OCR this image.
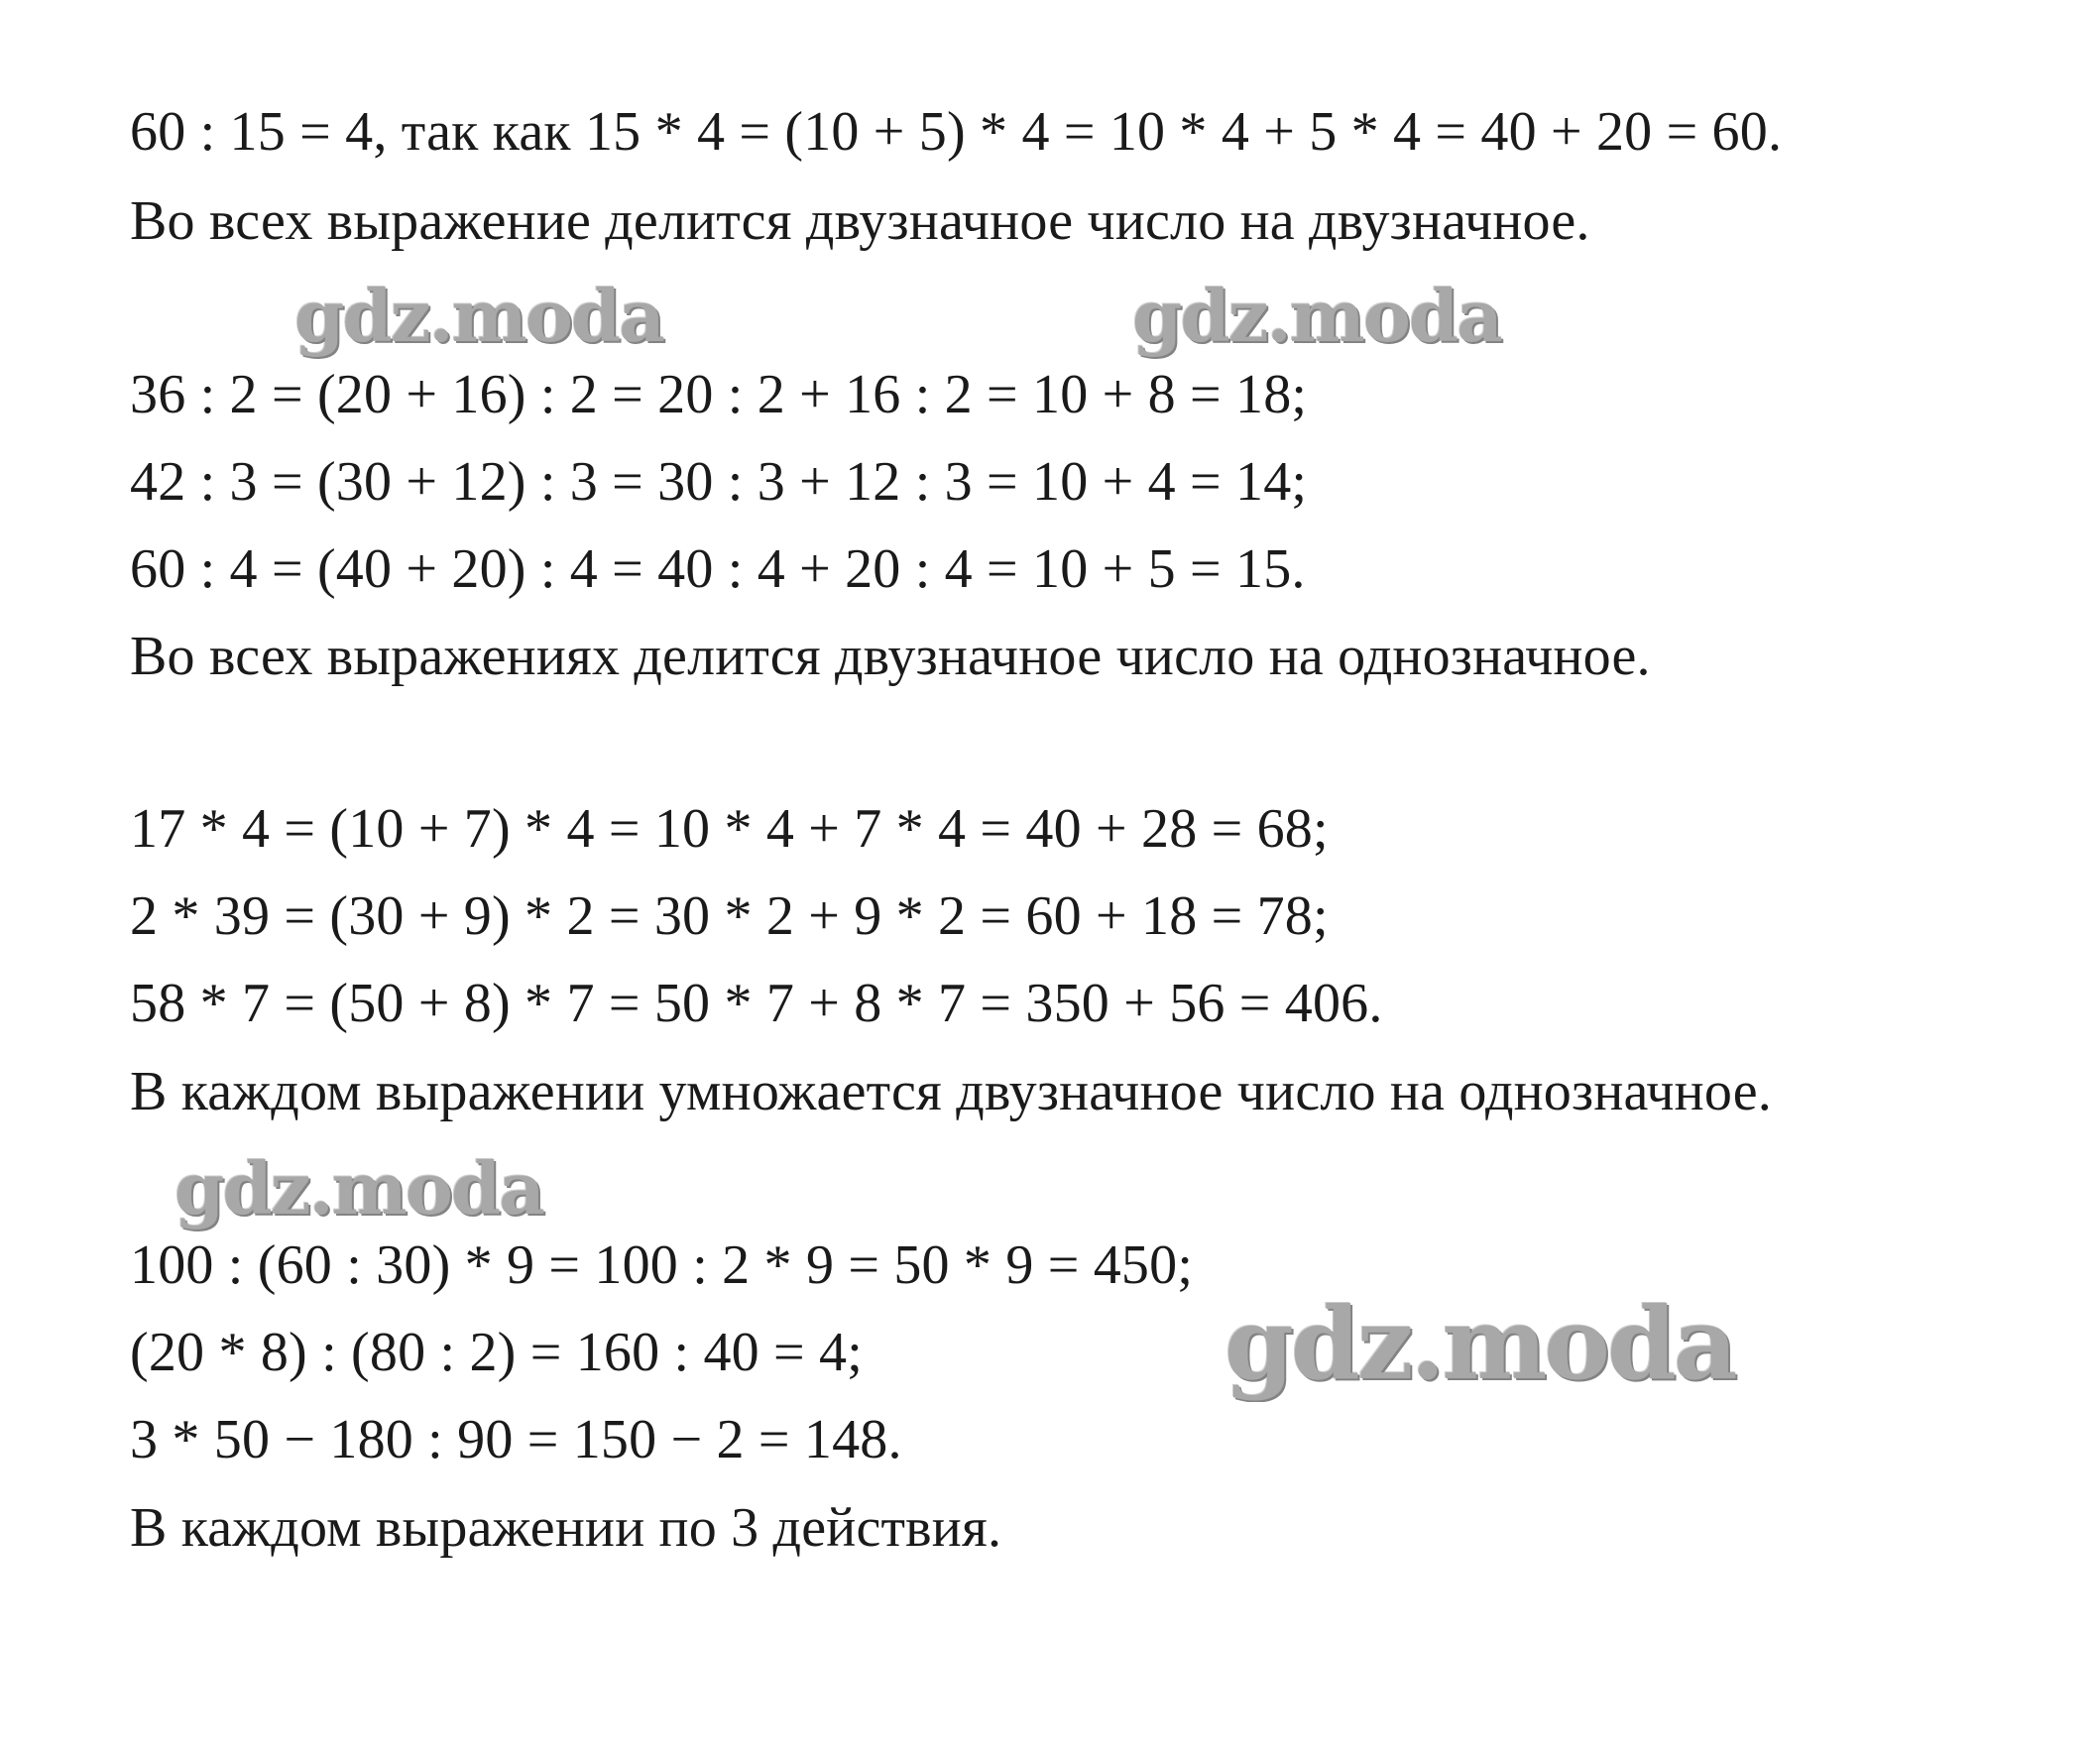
60 : 15 = 4, так как 15 * 4 = (10 + 5) * 4 = 10 * 4 + 5 * 4 = 40 + 20 = 60.
Во всех выражение делится двузначное число на двузначное.
gdz.moda	gdz.moda
36 : 2 = (20 + 16) : 2 = 20 : 2 + 16 : 2 = 10 + 8 = 18;
42 : 3 = (30 + 12) : 3 = 30 : 3 + 12 : 3 = 10 + 4 = 14;
60 : 4 = (40 + 20) : 4 = 40 : 4 + 20 : 4 = 10 + 5 = 15.
Во всех выражениях делится двузначное число на однозначное.
17 * 4 = (10 + 7) * 4 = 10 * 4 + 7 * 4 = 40 + 28 = 68;
2 * 39 = (30 + 9) * 2 = 30 * 2 + 9 * 2 = 60 + 18 = 78;
58 * 7 = (50 + 8) * 7 = 50 * 7 + 8 * 7 = 350 + 56 = 406.
В каждом выражении умножается двузначное число на однозначное.
gdz.moda
100 : (60 : 30) * 9 = 100 : 2 * 9 = 50 * 9 = 450;
(20 * 8) : (80 : 2) = 160 : 40 = 4;
3 * 50 − 180 : 90 = 150 − 2 = 148.
В каждом выражении по 3 действия.
gdz.moda
